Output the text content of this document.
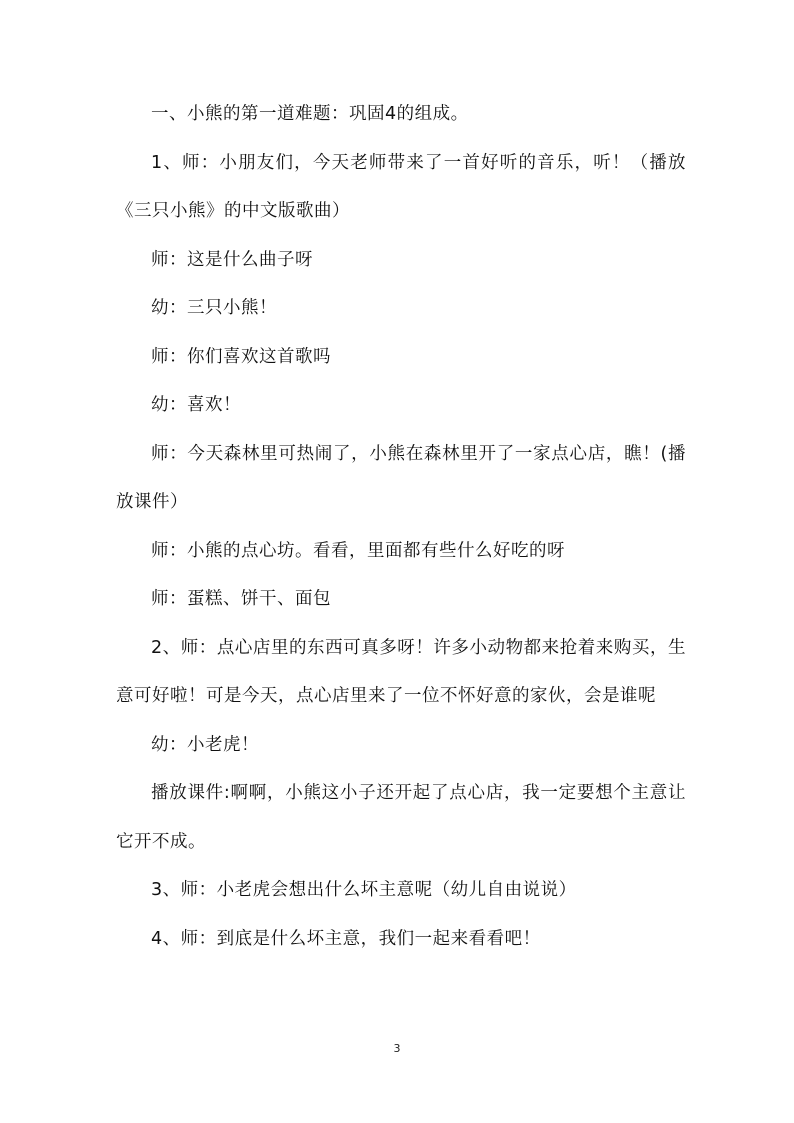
一、小熊的第一道难题：巩固4的组成。

1、师：小朋友们，今天老师带来了一首好听的音乐，听！（播放《三只小熊》的中文版歌曲）

师：这是什么曲子呀

幼：三只小熊！

师：你们喜欢这首歌吗

幼：喜欢！

师：今天森林里可热闹了，小熊在森林里开了一家点心店，瞧！(播放课件）

师：小熊的点心坊。看看，里面都有些什么好吃的呀

师：蛋糕、饼干、面包

2、师：点心店里的东西可真多呀！许多小动物都来抢着来购买，生意可好啦！可是今天，点心店里来了一位不怀好意的家伙，会是谁呢

幼：小老虎！

播放课件:啊啊，小熊这小子还开起了点心店，我一定要想个主意让它开不成。

3、师：小老虎会想出什么坏主意呢（幼儿自由说说）

4、师：到底是什么坏主意，我们一起来看看吧！

3
